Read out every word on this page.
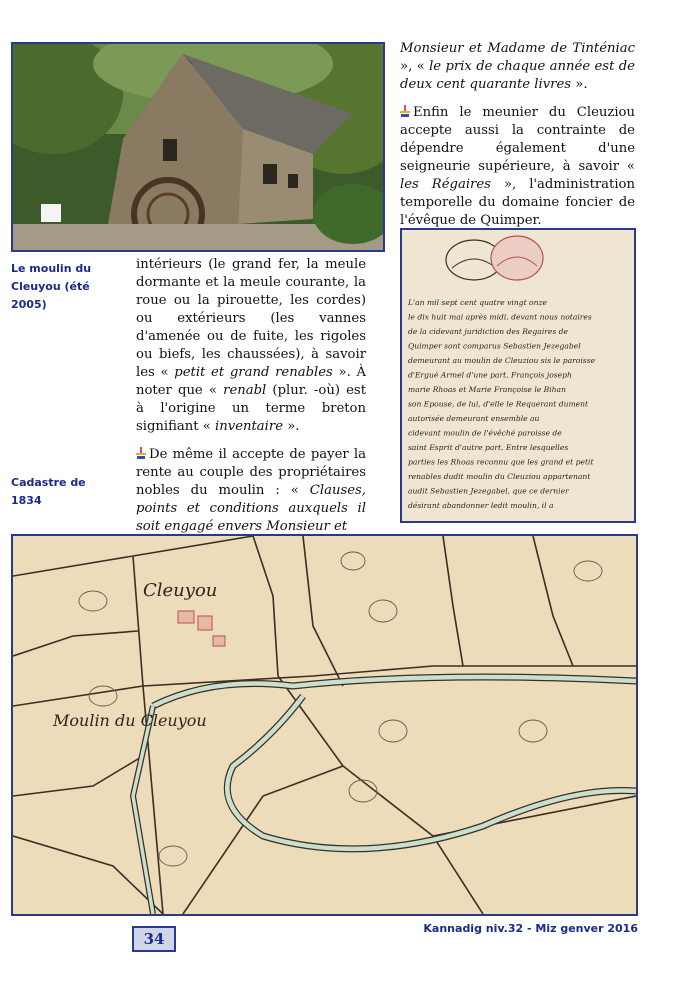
Le moulin du Cleuyou (été 2005)
Cadastre de 1834

intérieurs (le grand fer, la meule dormante et la meule courante, la roue ou la pirouette, les cordes) ou extérieurs (les vannes d'amenée ou de fuite, les rigoles ou biefs, les chaussées), à savoir les « petit et grand renables ». À noter que « renabl (plur. -où) est à l'origine un terme breton signifiant « inventaire ».

De même il accepte de payer la rente au couple des propriétaires nobles du moulin : « Clauses, points et conditions auxquels il soit engagé envers Monsieur et

Monsieur et Madame de Tinténiac », « le prix de chaque année est de deux cent quarante livres ».

Enfin le meunier du Cleuziou accepte aussi la contrainte de dépendre également d'une seigneurie supérieure, à savoir « les Régaires », l'administration temporelle du domaine foncier de l'évêque de Quimper.

L'an mil sept cent quatre vingt onze
le dix huit mai après midi, devant nous notaires
de la cidevant juridiction des Regaires de
Quimper sont comparus Sebastien Jezegabel
demeurant au moulin de Cleuziou sis le paroisse
d'Ergué Armel d'une part, François joseph
marie Rhoas et Marie Françoise le Bihan
son Epouse, de lui, d'elle le Requerant dument
autorisée demeurant ensemble au
cidevant moulin de l'évêché paroisse de
saint Esprit d'autre part. Entre lesquelles
parties les Rhoas reconnu que les grand et petit
renables dudit moulin du Cleuziou appartenant
audit Sebastien Jezegabel, que ce dernier
désirant abandonner ledit moulin, il a
Cleuyou
Moulin du Cleuyou
34
Kannadig niv.32 - Miz genver 2016
